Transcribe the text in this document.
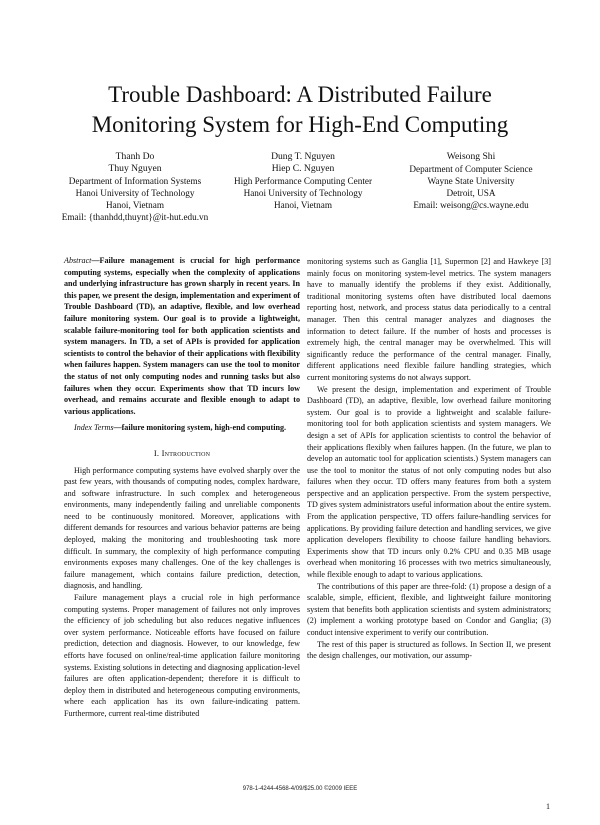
Trouble Dashboard: A Distributed Failure
Monitoring System for High-End Computing
Thanh Do
Thuy Nguyen
Department of Information Systems
Hanoi University of Technology
Hanoi, Vietnam
Email: {thanhdd,thuynt}@it-hut.edu.vn
Dung T. Nguyen
Hiep C. Nguyen
High Performance Computing Center
Hanoi University of Technology
Hanoi, Vietnam
Weisong Shi
Department of Computer Science
Wayne State University
Detroit, USA
Email: weisong@cs.wayne.edu

Abstract—Failure management is crucial for high performance computing systems, especially when the complexity of applications and underlying infrastructure has grown sharply in recent years. In this paper, we present the design, implementation and experiment of Trouble Dashboard (TD), an adaptive, flexible, and low overhead failure monitoring system. Our goal is to provide a lightweight, scalable failure-monitoring tool for both application scientists and system managers. In TD, a set of APIs is provided for application scientists to control the behavior of their applications with flexibility when failures happen. System managers can use the tool to monitor the status of not only computing nodes and running tasks but also failures when they occur. Experiments show that TD incurs low overhead, and remains accurate and flexible enough to adapt to various applications.

Index Terms—failure monitoring system, high-end computing.

I. Introduction

High performance computing systems have evolved sharply over the past few years, with thousands of computing nodes, complex hardware, and software infrastructure. In such complex and heterogeneous environments, many independently failing and unreliable components need to be continuously monitored. Moreover, applications with different demands for resources and various behavior patterns are being deployed, making the monitoring and troubleshooting task more difficult. In summary, the complexity of high performance computing environments exposes many challenges. One of the key challenges is failure management, which contains failure prediction, detection, diagnosis, and handling.

Failure management plays a crucial role in high performance computing systems. Proper management of failures not only improves the efficiency of job scheduling but also reduces negative influences over system performance. Noticeable efforts have focused on failure prediction, detection and diagnosis. However, to our knowledge, few efforts have focused on online/real-time application failure monitoring systems. Existing solutions in detecting and diagnosing application-level failures are often application-dependent; therefore it is difficult to deploy them in distributed and heterogeneous computing environments, where each application has its own failure-indicating pattern. Furthermore, current real-time distributed

monitoring systems such as Ganglia [1], Supermon [2] and Hawkeye [3] mainly focus on monitoring system-level metrics. The system managers have to manually identify the problems if they exist. Additionally, traditional monitoring systems often have distributed local daemons reporting host, network, and process status data periodically to a central manager. Then this central manager analyzes and diagnoses the information to detect failure. If the number of hosts and processes is extremely high, the central manager may be overwhelmed. This will significantly reduce the performance of the central manager. Finally, different applications need flexible failure handling strategies, which current monitoring systems do not always support.

We present the design, implementation and experiment of Trouble Dashboard (TD), an adaptive, flexible, low overhead failure monitoring system. Our goal is to provide a lightweight and scalable failure-monitoring tool for both application scientists and system managers. We design a set of APIs for application scientists to control the behavior of their applications flexibly when failures happen. (In the future, we plan to develop an automatic tool for application scientists.) System managers can use the tool to monitor the status of not only computing nodes but also failures when they occur. TD offers many features from both a system perspective and an application perspective. From the system perspective, TD gives system administrators useful information about the entire system. From the application perspective, TD offers failure-handling services for applications. By providing failure detection and handling services, we give application developers flexibility to choose failure handling behaviors. Experiments show that TD incurs only 0.2% CPU and 0.35 MB usage overhead when monitoring 16 processes with two metrics simultaneously, while flexible enough to adapt to various applications.

The contributions of this paper are three-fold: (1) propose a design of a scalable, simple, efficient, flexible, and lightweight failure monitoring system that benefits both application scientists and system administrators; (2) implement a working prototype based on Condor and Ganglia; (3) conduct intensive experiment to verify our contribution.

The rest of this paper is structured as follows. In Section II, we present the design challenges, our motivation, our assump-

978-1-4244-4568-4/09/$25.00 ©2009 IEEE
1
